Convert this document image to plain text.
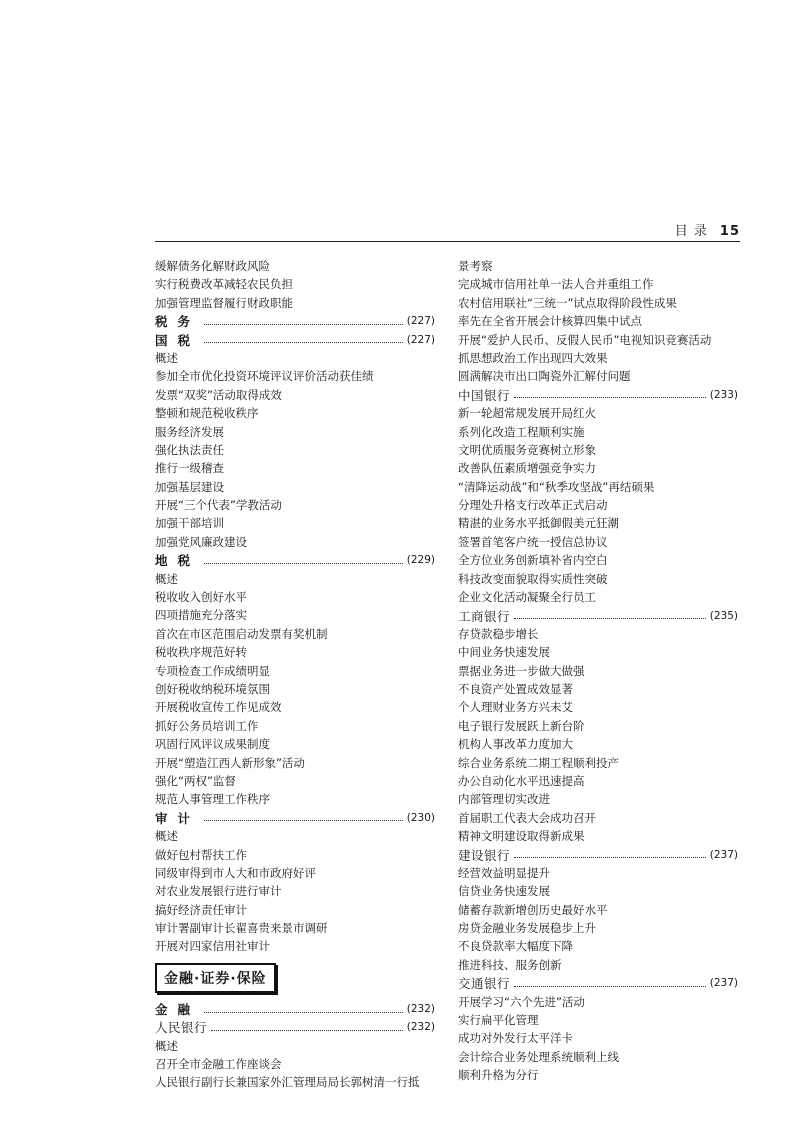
目 录 15
缓解债务化解财政风险
实行税费改革减轻农民负担
加强管理监督履行财政职能
税务	(227)
国税	(227)
概述
参加全市优化投资环境评议评价活动获佳绩
发票“双奖”活动取得成效
整顿和规范税收秩序
服务经济发展
强化执法责任
推行一级稽查
加强基层建设
开展“三个代表”学教活动
加强干部培训
加强党风廉政建设
地税	(229)
概述
税收收入创好水平
四项措施充分落实
首次在市区范围启动发票有奖机制
税收秩序规范好转
专项检查工作成绩明显
创好税收纳税环境氛围
开展税收宣传工作见成效
抓好公务员培训工作
巩固行风评议成果制度
开展“塑造江西人新形象”活动
强化“两权”监督
规范人事管理工作秩序
审计	(230)
概述
做好包村帮扶工作
同级审得到市人大和市政府好评
对农业发展银行进行审计
搞好经济责任审计
审计署副审计长翟喜贵来景市调研
开展对四家信用社审计
金融·证券·保险
金融	(232)
人民银行	(232)
概述
召开全市金融工作座谈会
人民银行副行长兼国家外汇管理局局长郭树清一行抵
景考察
完成城市信用社单一法人合并重组工作
农村信用联社“三统一”试点取得阶段性成果
率先在全省开展会计核算四集中试点
开展“爱护人民币、反假人民币”电视知识竞赛活动
抓思想政治工作出现四大效果
圆满解决市出口陶瓷外汇解付问题
中国银行	(233)
新一轮超常规发展开局红火
系列化改造工程顺利实施
文明优质服务竞赛树立形象
改善队伍素质增强竞争实力
“清降运动战”和“秋季攻坚战”再结硕果
分理处升格支行改革正式启动
精湛的业务水平抵御假美元狂潮
签署首笔客户统一授信总协议
全方位业务创新填补省内空白
科技改变面貌取得实质性突破
企业文化活动凝聚全行员工
工商银行	(235)
存贷款稳步增长
中间业务快速发展
票据业务进一步做大做强
不良资产处置成效显著
个人理财业务方兴未艾
电子银行发展跃上新台阶
机构人事改革力度加大
综合业务系统二期工程顺利投产
办公自动化水平迅速提高
内部管理切实改进
首届职工代表大会成功召开
精神文明建设取得新成果
建设银行	(237)
经营效益明显提升
信贷业务快速发展
储蓄存款新增创历史最好水平
房贷金融业务发展稳步上升
不良贷款率大幅度下降
推进科技、服务创新
交通银行	(237)
开展学习“六个先进”活动
实行扁平化管理
成功对外发行太平洋卡
会计综合业务处理系统顺利上线
顺利升格为分行
